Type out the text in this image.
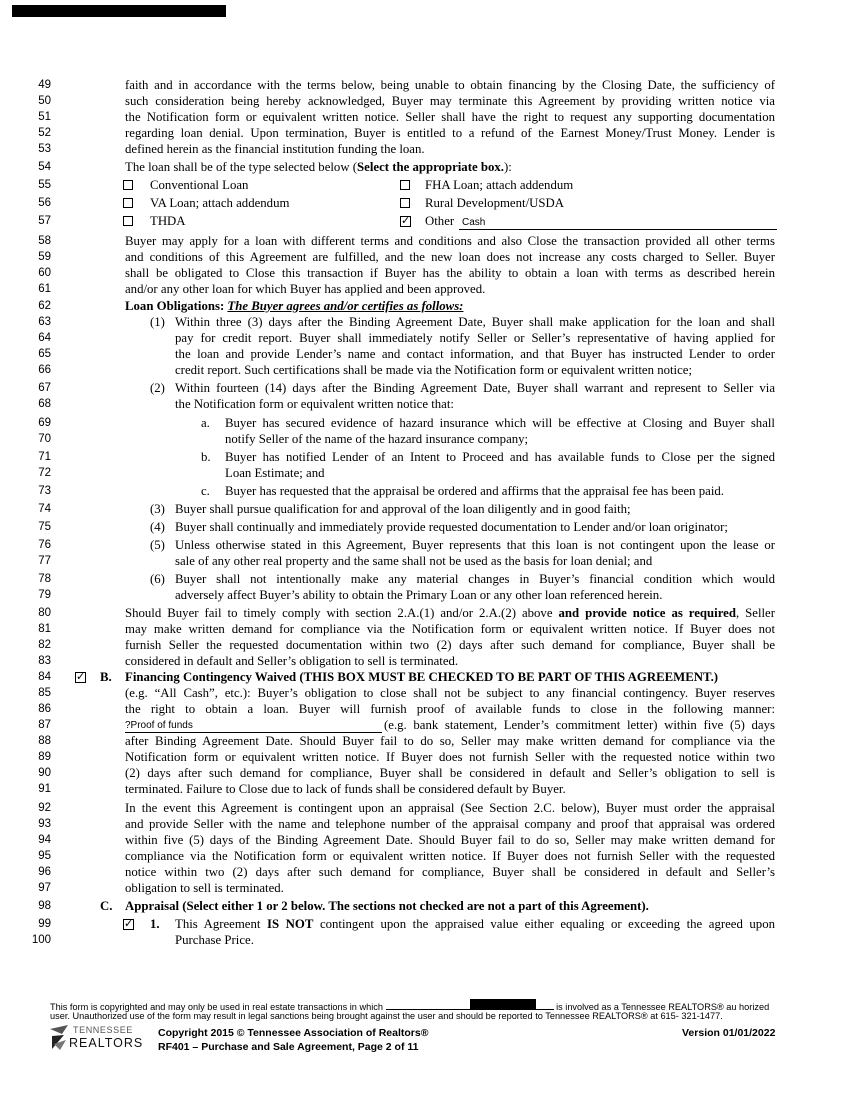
49
50
51
52
53
54
55
56
57
58
59
60
61
62
63
64
65
66
67
68
69
70
71
72
73
74
75
76
77
78
79
80
81
82
83
84
85
86
87
88
89
90
91
92
93
94
95
96
97
98
99
100
faith and in accordance with the terms below, being unable to obtain financing by the Closing Date, the sufficiency of
such consideration being hereby acknowledged, Buyer may terminate this Agreement by providing written notice via
the Notification form or equivalent written notice. Seller shall have the right to request any supporting documentation
regarding loan denial. Upon termination, Buyer is entitled to a refund of the Earnest Money/Trust Money. Lender is
defined herein as the financial institution funding the loan.
The loan shall be of the type selected below (Select the appropriate box.):
Conventional Loan	FHA Loan; attach addendum
VA Loan; attach addendum	Rural Development/USDA
THDA	✓ Other Cash
Buyer may apply for a loan with different terms and conditions and also Close the transaction provided all other terms
and conditions of this Agreement are fulfilled, and the new loan does not increase any costs charged to Seller. Buyer
shall be obligated to Close this transaction if Buyer has the ability to obtain a loan with terms as described herein
and/or any other loan for which Buyer has applied and been approved.
Loan Obligations: The Buyer agrees and/or certifies as follows:
(1) Within three (3) days after the Binding Agreement Date, Buyer shall make application for the loan and shall
pay for credit report. Buyer shall immediately notify Seller or Seller’s representative of having applied for
the loan and provide Lender’s name and contact information, and that Buyer has instructed Lender to order
credit report. Such certifications shall be made via the Notification form or equivalent written notice;
(2) Within fourteen (14) days after the Binding Agreement Date, Buyer shall warrant and represent to Seller via
the Notification form or equivalent written notice that:
a. Buyer has secured evidence of hazard insurance which will be effective at Closing and Buyer shall
notify Seller of the name of the hazard insurance company;
b. Buyer has notified Lender of an Intent to Proceed and has available funds to Close per the signed
Loan Estimate; and
c. Buyer has requested that the appraisal be ordered and affirms that the appraisal fee has been paid.
(3) Buyer shall pursue qualification for and approval of the loan diligently and in good faith;
(4) Buyer shall continually and immediately provide requested documentation to Lender and/or loan originator;
(5) Unless otherwise stated in this Agreement, Buyer represents that this loan is not contingent upon the lease or
sale of any other real property and the same shall not be used as the basis for loan denial; and
(6) Buyer shall not intentionally make any material changes in Buyer’s financial condition which would
adversely affect Buyer’s ability to obtain the Primary Loan or any other loan referenced herein.
Should Buyer fail to timely comply with section 2.A.(1) and/or 2.A.(2) above and provide notice as required, Seller
may make written demand for compliance via the Notification form or equivalent written notice. If Buyer does not
furnish Seller the requested documentation within two (2) days after such demand for compliance, Buyer shall be
considered in default and Seller’s obligation to sell is terminated.
✓ B. Financing Contingency Waived (THIS BOX MUST BE CHECKED TO BE PART OF THIS AGREEMENT.)
(e.g. “All Cash”, etc.): Buyer’s obligation to close shall not be subject to any financial contingency. Buyer reserves
the right to obtain a loan. Buyer will furnish proof of available funds to close in the following manner:
?Proof of funds	(e.g. bank statement, Lender’s commitment letter) within five (5) days
after Binding Agreement Date. Should Buyer fail to do so, Seller may make written demand for compliance via the
Notification form or equivalent written notice. If Buyer does not furnish Seller with the requested notice within two
(2) days after such demand for compliance, Buyer shall be considered in default and Seller’s obligation to sell is
terminated. Failure to Close due to lack of funds shall be considered default by Buyer.
In the event this Agreement is contingent upon an appraisal (See Section 2.C. below), Buyer must order the appraisal
and provide Seller with the name and telephone number of the appraisal company and proof that appraisal was ordered
within five (5) days of the Binding Agreement Date. Should Buyer fail to do so, Seller may make written demand for
compliance via the Notification form or equivalent written notice. If Buyer does not furnish Seller with the requested
notice within two (2) days after such demand for compliance, Buyer shall be considered in default and Seller’s
obligation to sell is terminated.
C. Appraisal (Select either 1 or 2 below. The sections not checked are not a part of this Agreement).
✓ 1. This Agreement IS NOT contingent upon the appraised value either equaling or exceeding the agreed upon
Purchase Price.
This form is copyrighted and may only be used in real estate transactions in which	is involved as a Tennessee REALTORS® au horized
user. Unauthorized use of the form may result in legal sanctions being brought against the user and should be reported to Tennessee REALTORS® at 615- 321-1477.
TENNESSEE
REALTORS
Copyright 2015 © Tennessee Association of Realtors®
RF401 – Purchase and Sale Agreement, Page 2 of 11
Version 01/01/2022
